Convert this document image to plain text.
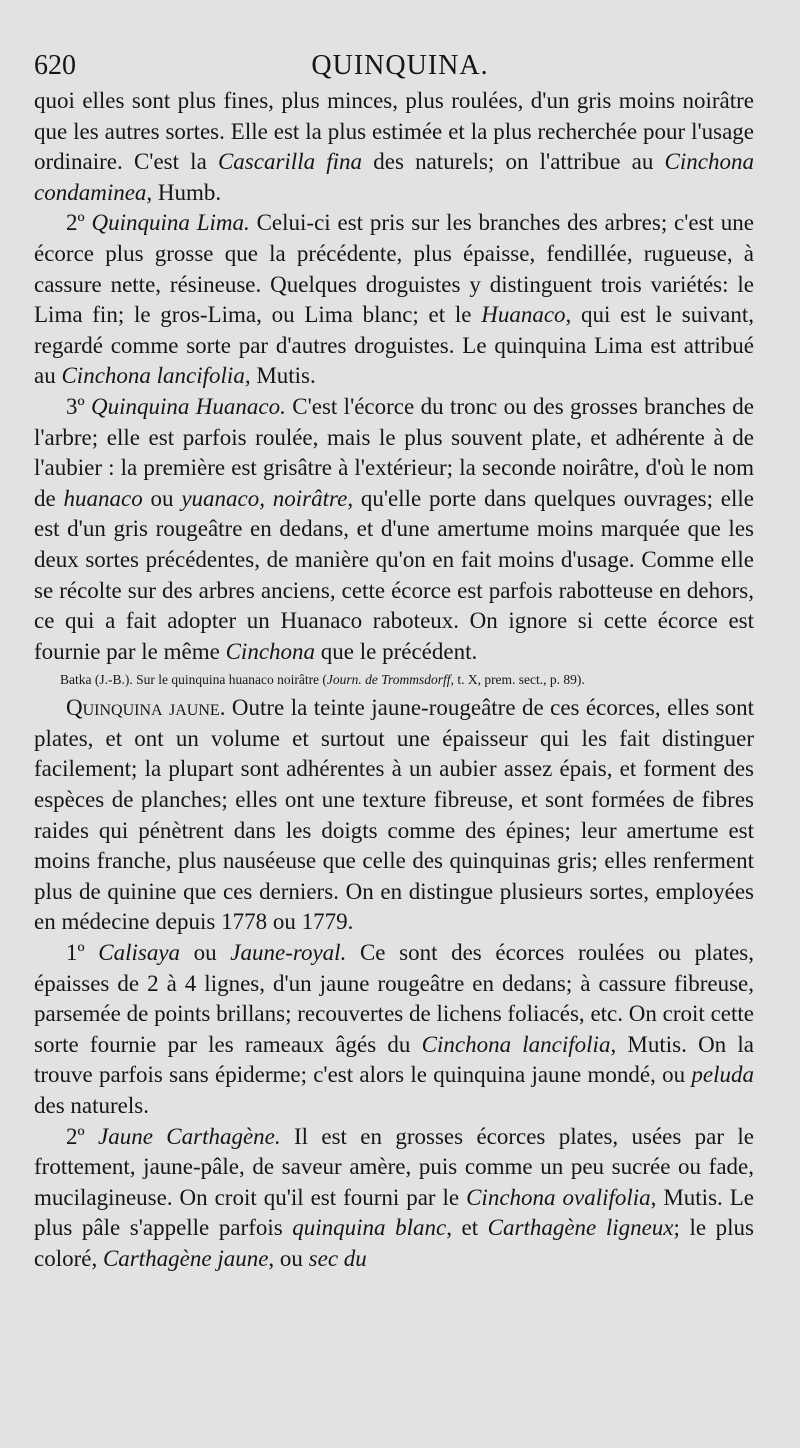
620	QUINQUINA.

quoi elles sont plus fines, plus minces, plus roulées, d'un gris moins noirâtre que les autres sortes. Elle est la plus estimée et la plus recherchée pour l'usage ordinaire. C'est la Cascarilla fina des naturels; on l'attribue au Cinchona condaminea, Humb.

2º Quinquina Lima. Celui-ci est pris sur les branches des arbres; c'est une écorce plus grosse que la précédente, plus épaisse, fendillée, rugueuse, à cassure nette, résineuse. Quelques droguistes y distinguent trois variétés: le Lima fin; le gros-Lima, ou Lima blanc; et le Huanaco, qui est le suivant, regardé comme sorte par d'autres droguistes. Le quinquina Lima est attribué au Cinchona lancifolia, Mutis.

3º Quinquina Huanaco. C'est l'écorce du tronc ou des grosses branches de l'arbre; elle est parfois roulée, mais le plus souvent plate, et adhérente à de l'aubier : la première est grisâtre à l'extérieur; la seconde noirâtre, d'où le nom de huanaco ou yuanaco, noirâtre, qu'elle porte dans quelques ouvrages; elle est d'un gris rougeâtre en dedans, et d'une amertume moins marquée que les deux sortes précédentes, de manière qu'on en fait moins d'usage. Comme elle se récolte sur des arbres anciens, cette écorce est parfois rabotteuse en dehors, ce qui a fait adopter un Huanaco raboteux. On ignore si cette écorce est fournie par le même Cinchona que le précédent.

Batka (J.-B.). Sur le quinquina huanaco noirâtre (Journ. de Trommsdorff, t. X, prem. sect., p. 89).

Quinquina jaune. Outre la teinte jaune-rougeâtre de ces écorces, elles sont plates, et ont un volume et surtout une épaisseur qui les fait distinguer facilement; la plupart sont adhérentes à un aubier assez épais, et forment des espèces de planches; elles ont une texture fibreuse, et sont formées de fibres raides qui pénètrent dans les doigts comme des épines; leur amertume est moins franche, plus nauséeuse que celle des quinquinas gris; elles renferment plus de quinine que ces derniers. On en distingue plusieurs sortes, employées en médecine depuis 1778 ou 1779.

1º Calisaya ou Jaune-royal. Ce sont des écorces roulées ou plates, épaisses de 2 à 4 lignes, d'un jaune rougeâtre en dedans; à cassure fibreuse, parsemée de points brillans; recouvertes de lichens foliacés, etc. On croit cette sorte fournie par les rameaux âgés du Cinchona lancifolia, Mutis. On la trouve parfois sans épiderme; c'est alors le quinquina jaune mondé, ou peluda des naturels.

2º Jaune Carthagène. Il est en grosses écorces plates, usées par le frottement, jaune-pâle, de saveur amère, puis comme un peu sucrée ou fade, mucilagineuse. On croit qu'il est fourni par le Cinchona ovalifolia, Mutis. Le plus pâle s'appelle parfois quinquina blanc, et Carthagène ligneux; le plus coloré, Carthagène jaune, ou sec du
